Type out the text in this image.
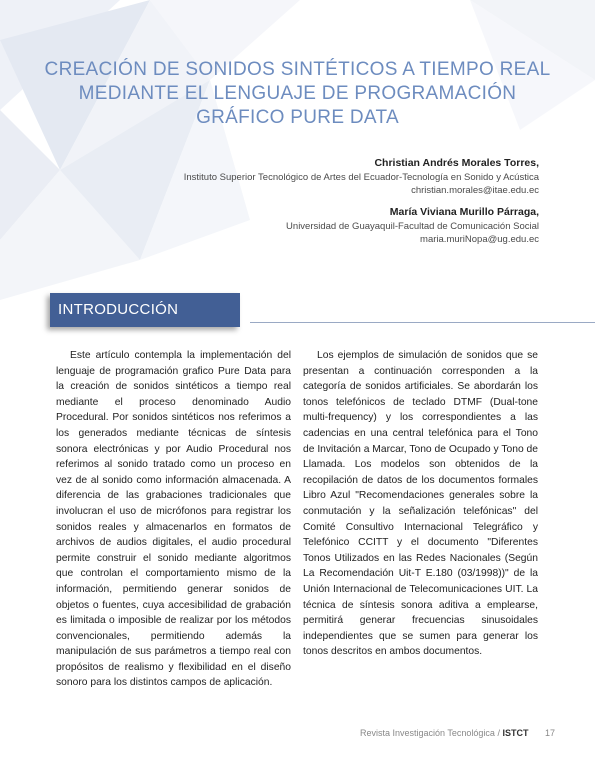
CREACIÓN DE SONIDOS SINTÉTICOS A TIEMPO REAL MEDIANTE EL LENGUAJE DE PROGRAMACIÓN GRÁFICO PURE DATA
Christian Andrés Morales Torres,
Instituto Superior Tecnológico de Artes del Ecuador-Tecnología en Sonido y Acústica
christian.morales@itae.edu.ec
María Viviana Murillo Párraga,
Universidad de Guayaquil-Facultad de Comunicación Social
maria.muriNopa@ug.edu.ec
INTRODUCCIÓN

Este artículo contempla la implementación del lenguaje de programación grafico Pure Data para la creación de sonidos sintéticos a tiempo real mediante el proceso denominado Audio Procedural. Por sonidos sintéticos nos referimos a los generados mediante técnicas de síntesis sonora electrónicas y por Audio Procedural nos referimos al sonido tratado como un proceso en vez de al sonido como información almacenada. A diferencia de las grabaciones tradicionales que involucran el uso de micrófonos para registrar los sonidos reales y almacenarlos en formatos de archivos de audios digitales, el audio procedural permite construir el sonido mediante algoritmos que controlan el comportamiento mismo de la información, permitiendo generar sonidos de objetos o fuentes, cuya accesibilidad de grabación es limitada o imposible de realizar por los métodos convencionales, permitiendo además la manipulación de sus parámetros a tiempo real con propósitos de realismo y flexibilidad en el diseño sonoro para los distintos campos de aplicación.

Los ejemplos de simulación de sonidos que se presentan a continuación corresponden a la categoría de sonidos artificiales. Se abordarán los tonos telefónicos de teclado DTMF (Dual-tone multi-frequency) y los correspondientes a las cadencias en una central telefónica para el Tono de Invitación a Marcar, Tono de Ocupado y Tono de Llamada. Los modelos son obtenidos de la recopilación de datos de los documentos formales Libro Azul "Recomendaciones generales sobre la conmutación y la señalización telefónicas" del Comité Consultivo Internacional Telegráfico y Telefónico CCITT y el documento "Diferentes Tonos Utilizados en las Redes Nacionales (Según La Recomendación Uit-T E.180 (03/1998))" de la Unión Internacional de Telecomunicaciones UIT. La técnica de síntesis sonora aditiva a emplearse, permitirá generar frecuencias sinusoidales independientes que se sumen para generar los tonos descritos en ambos documentos.

Revista Investigación Tecnológica / ISTCT 17
